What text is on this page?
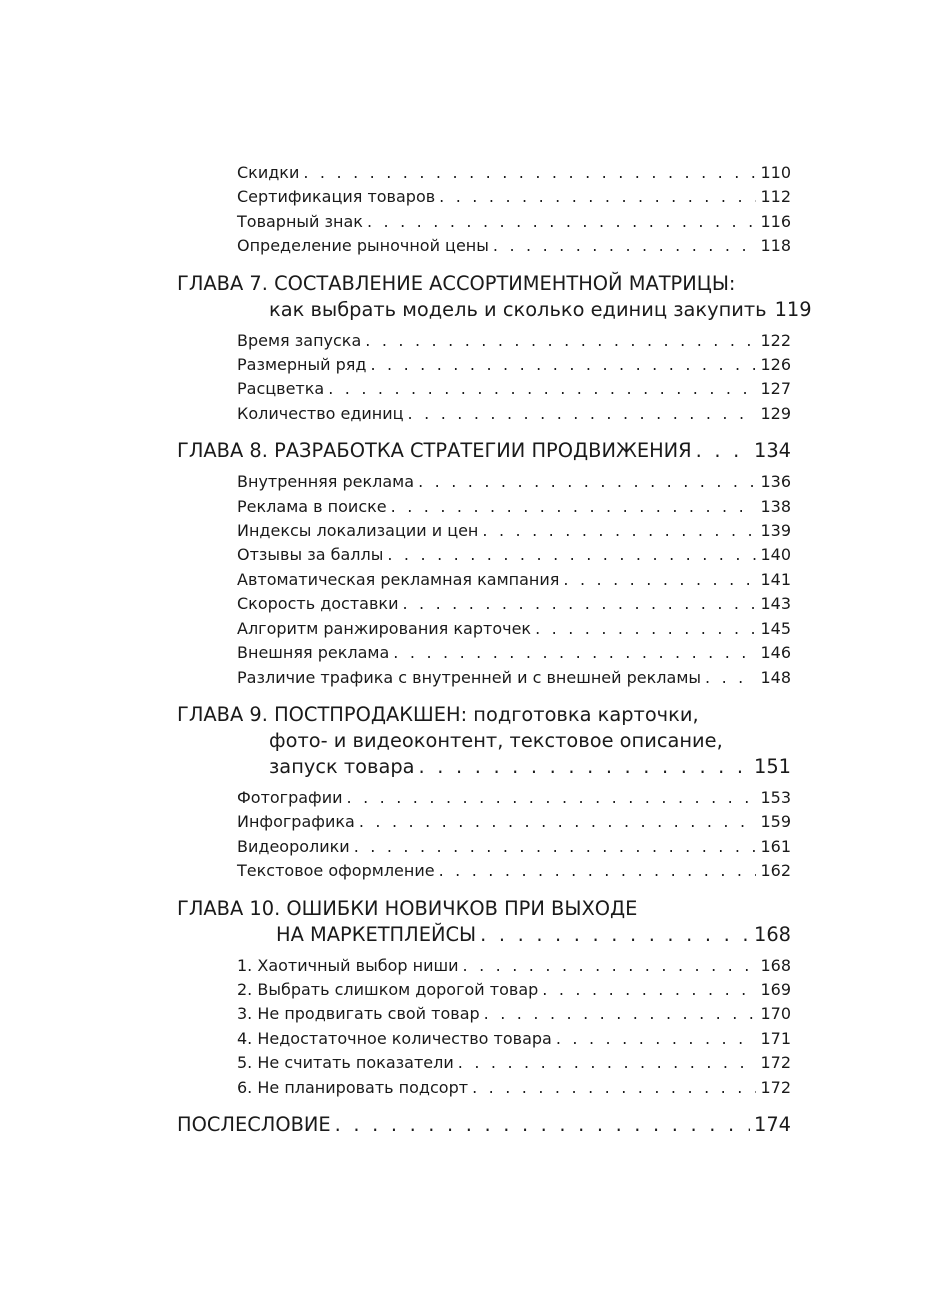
Скидки . . .	110
Сертификация товаров . . .	112
Товарный знак . . .	116
Определение рыночной цены . . .	118
ГЛАВА 7. СОСТАВЛЕНИЕ АССОРТИМЕНТНОЙ МАТРИЦЫ:
как выбрать модель и сколько единиц закупить 119
Время запуска . . .	122
Размерный ряд . . .	126
Расцветка . . .	127
Количество единиц . . .	129
ГЛАВА 8. РАЗРАБОТКА СТРАТЕГИИ ПРОДВИЖЕНИЯ . . .	134
Внутренняя реклама . . .	136
Реклама в поиске . . .	138
Индексы локализации и цен . . .	139
Отзывы за баллы . . .	140
Автоматическая рекламная кампания . . .	141
Скорость доставки . . .	143
Алгоритм ранжирования карточек . . .	145
Внешняя реклама . . .	146
Различие трафика с внутренней и с внешней рекламы . . .	148
ГЛАВА 9. ПОСТПРОДАКШЕН: подготовка карточки,
фото- и видеоконтент, текстовое описание,
запуск товара . . .	151
Фотографии . . .	153
Инфографика . . .	159
Видеоролики . . .	161
Текстовое оформление . . .	162
ГЛАВА 10. ОШИБКИ НОВИЧКОВ ПРИ ВЫХОДЕ
НА МАРКЕТПЛЕЙСЫ . . .	168
1. Хаотичный выбор ниши . . .	168
2. Выбрать слишком дорогой товар . . .	169
3. Не продвигать свой товар . . .	170
4. Недостаточное количество товара . . .	171
5. Не считать показатели . . .	172
6. Не планировать подсорт . . .	172
ПОСЛЕСЛОВИЕ . . .	174
